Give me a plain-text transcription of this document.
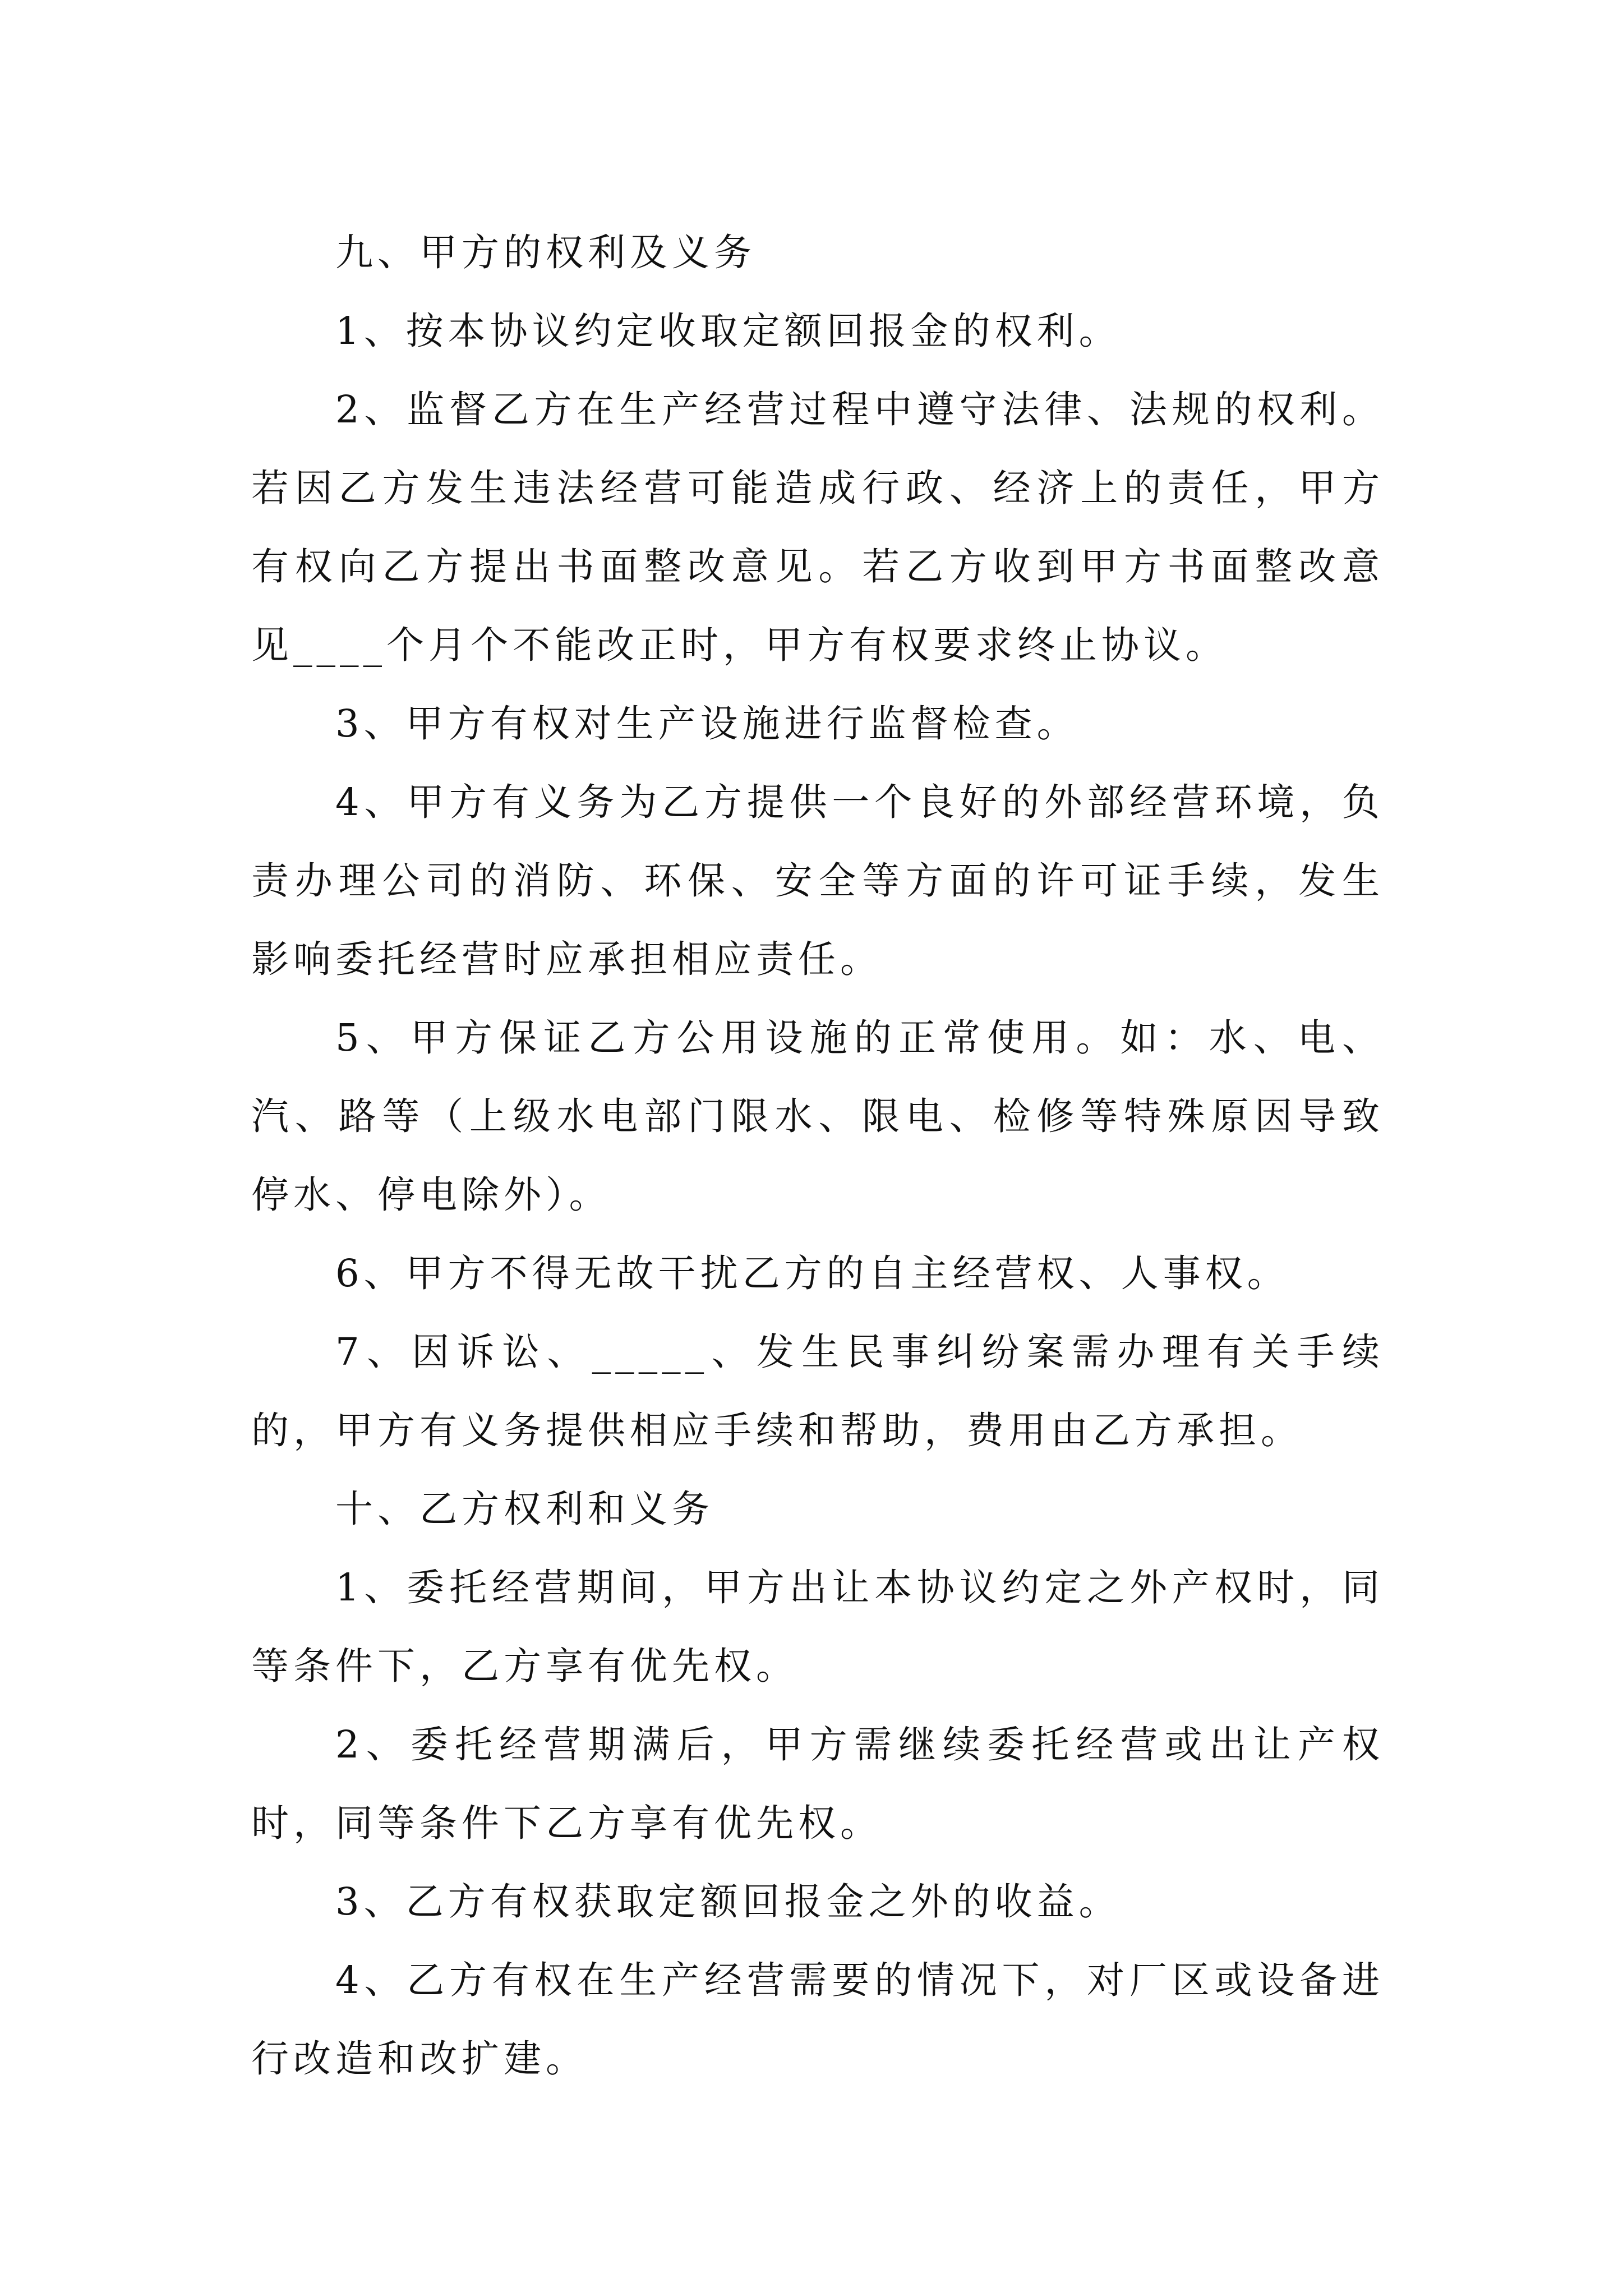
九、甲方的权利及义务

1、按本协议约定收取定额回报金的权利。

2、监督乙方在生产经营过程中遵守法律、法规的权利。若因乙方发生违法经营可能造成行政、经济上的责任，甲方有权向乙方提出书面整改意见。若乙方收到甲方书面整改意见____个月个不能改正时，甲方有权要求终止协议。

3、甲方有权对生产设施进行监督检查。

4、甲方有义务为乙方提供一个良好的外部经营环境，负责办理公司的消防、环保、安全等方面的许可证手续，发生影响委托经营时应承担相应责任。

5、甲方保证乙方公用设施的正常使用。如：水、电、汽、路等（上级水电部门限水、限电、检修等特殊原因导致停水、停电除外）。

6、甲方不得无故干扰乙方的自主经营权、人事权。

7、因诉讼、_____、发生民事纠纷案需办理有关手续的，甲方有义务提供相应手续和帮助，费用由乙方承担。

十、乙方权利和义务

1、委托经营期间，甲方出让本协议约定之外产权时，同等条件下，乙方享有优先权。

2、委托经营期满后，甲方需继续委托经营或出让产权时，同等条件下乙方享有优先权。

3、乙方有权获取定额回报金之外的收益。

4、乙方有权在生产经营需要的情况下，对厂区或设备进行改造和改扩建。
